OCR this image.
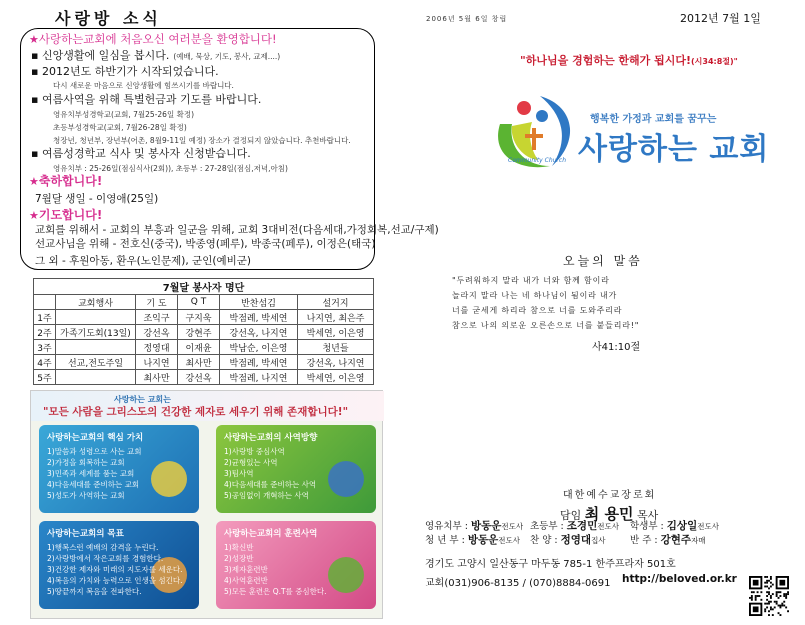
사랑방 소식
★사랑하는교회에 처음오신 여러분을 환영합니다!
▪ 신앙생활에 일심을 봅시다. (예배, 묵상, 기도, 봉사, 교제....)
▪ 2012년도 하반기가 시작되었습니다.
다시 새로운 마음으로 신앙생활에 힘쓰시기를 바랍니다.
▪ 여름사역을 위해 특별헌금과 기도를 바랍니다.
영유치부성경학교(교회, 7월25-26일 확정)
초등부성경학교(교회, 7월26-28일 확정)
청장년, 청년부, 장년부(어촌, 8월9-11일 예정) 장소가 결정되지 않았습니다. 추천바랍니다.
▪ 여름성경학교 식사 및 봉사자 신청받습니다.
영유치부 : 25-26일(점심식사(2회)), 초등부 : 27-28일(점심,저녁,아침)
★축하합니다!
7월달 생일 - 이영애(25일)
★기도합니다!
교회를 위해서 - 교회의 부흥과 일군을 위해, 교회 3대비전(다음세대,가정회복,선교/구제)
선교사님을 위해 - 전호신(중국), 박종영(페루), 박종국(페루), 이정은(태국)
그 외 - 후원아동, 환우(노인문제), 군인(예비군)
7월달 봉사자 명단					
	교회행사	기 도	Q T	반찬섬김	설거지
1주		조익구	구지욱	박점례, 박세연	나지연, 최은주
2주	가족기도회(13일)	강선옥	강현주	강선옥, 나지연	박세연, 이은영
3주		정영대	이재윤	박남순, 이은영	청년들
4주	선교,전도주일	나지연	최사만	박점례, 박세연	강선옥, 나지연
5주		최사만	강선옥	박점례, 나지연	박세연, 이은영
사랑하는 교회는
"모든 사람을 그리스도의 건강한 제자로 세우기 위해 존재합니다!"
사랑하는교회의 핵심 가치
1)말씀과 성령으로 사는 교회
2)가정을 회복하는 교회
3)민족과 세계를 품는 교회
4)다음세대를 준비하는 교회
5)성도가 사역하는 교회
사랑하는교회의 사역방향
1)사랑방 중심사역
2)균형있는 사역
3)팀사역
4)다음세대를 준비하는 사역
5)공임없이 개혁하는 사역
사랑하는교회의 목표
1)행복스런 예배의 감격을 누린다.
2)사랑방에서 작은교회를 경험한다.
3)건강한 제자와 미래의 지도자를 세운다.
4)복음의 가치와 능력으로 인생을 섬긴다.
5)땅끝까지 복음을 전파한다.
사랑하는교회의 훈련사역
1)확신반
2)성장반
3)제자훈련반
4)사역훈련반
5)모든 훈련은 Q.T를 중심한다.
2006년 5월 6일 창립	2012년 7월 1일
"하나님을 경험하는 한해가 됩시다!(시34:8절)"
행복한 가정과 교회를 꿈꾸는
사랑하는 교회
Community Church
오늘의 말씀
"두려워하지 말라 내가 너와 함께 함이라
놀라지 말라 나는 네 하나님이 됨이라 내가
너를 굳세게 하리라 참으로 너를 도와주리라
참으로 나의 의로운 오른손으로 너를 붙들리라!"
사41:10절
대한예수교장로회
담임 최 용민 목사
영유치부 : 방동운전도사 초등부 : 조경민전도사 학생부 : 김상일전도사
청 년 부 : 방동운전도사 찬 양 : 정영대집사	반 주 : 강현주자매
경기도 고양시 일산동구 마두동 785-1 한주프라자 501호
교회(031)906-8135 / (070)8884-0691 http://beloved.or.kr
